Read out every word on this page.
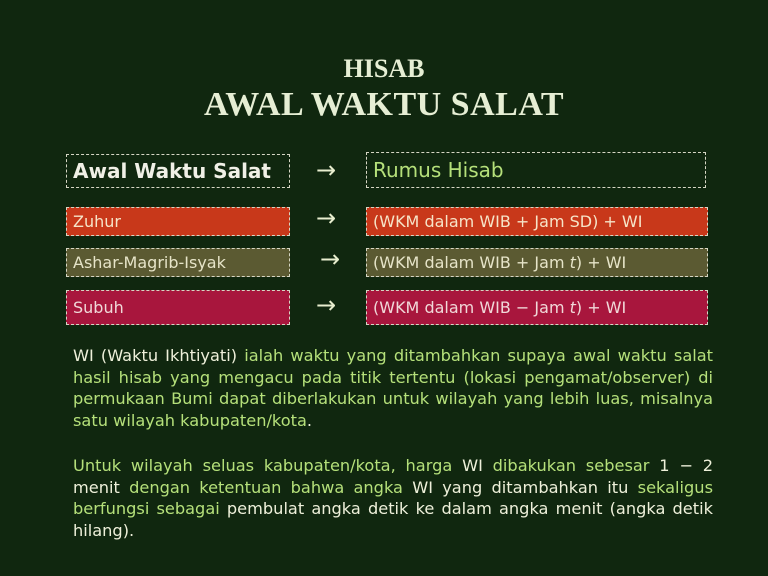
HISAB
AWAL WAKTU SALAT
Awal Waktu Salat	→	Rumus Hisab
Zuhur	→	(WKM dalam WIB + Jam SD) + WI
Ashar-Magrib-Isyak	→	(WKM dalam WIB + Jam t) + WI
Subuh	→	(WKM dalam WIB − Jam t) + WI

WI (Waktu Ikhtiyati) ialah waktu yang ditambahkan supaya awal waktu salat hasil hisab yang mengacu pada titik tertentu (lokasi pengamat/observer) di permukaan Bumi dapat diberlakukan untuk wilayah yang lebih luas, misalnya satu wilayah kabupaten/kota.

Untuk wilayah seluas kabupaten/kota, harga WI dibakukan sebesar 1 − 2 menit dengan ketentuan bahwa angka WI yang ditambahkan itu sekaligus berfungsi sebagai pembulat angka detik ke dalam angka menit (angka detik hilang).
